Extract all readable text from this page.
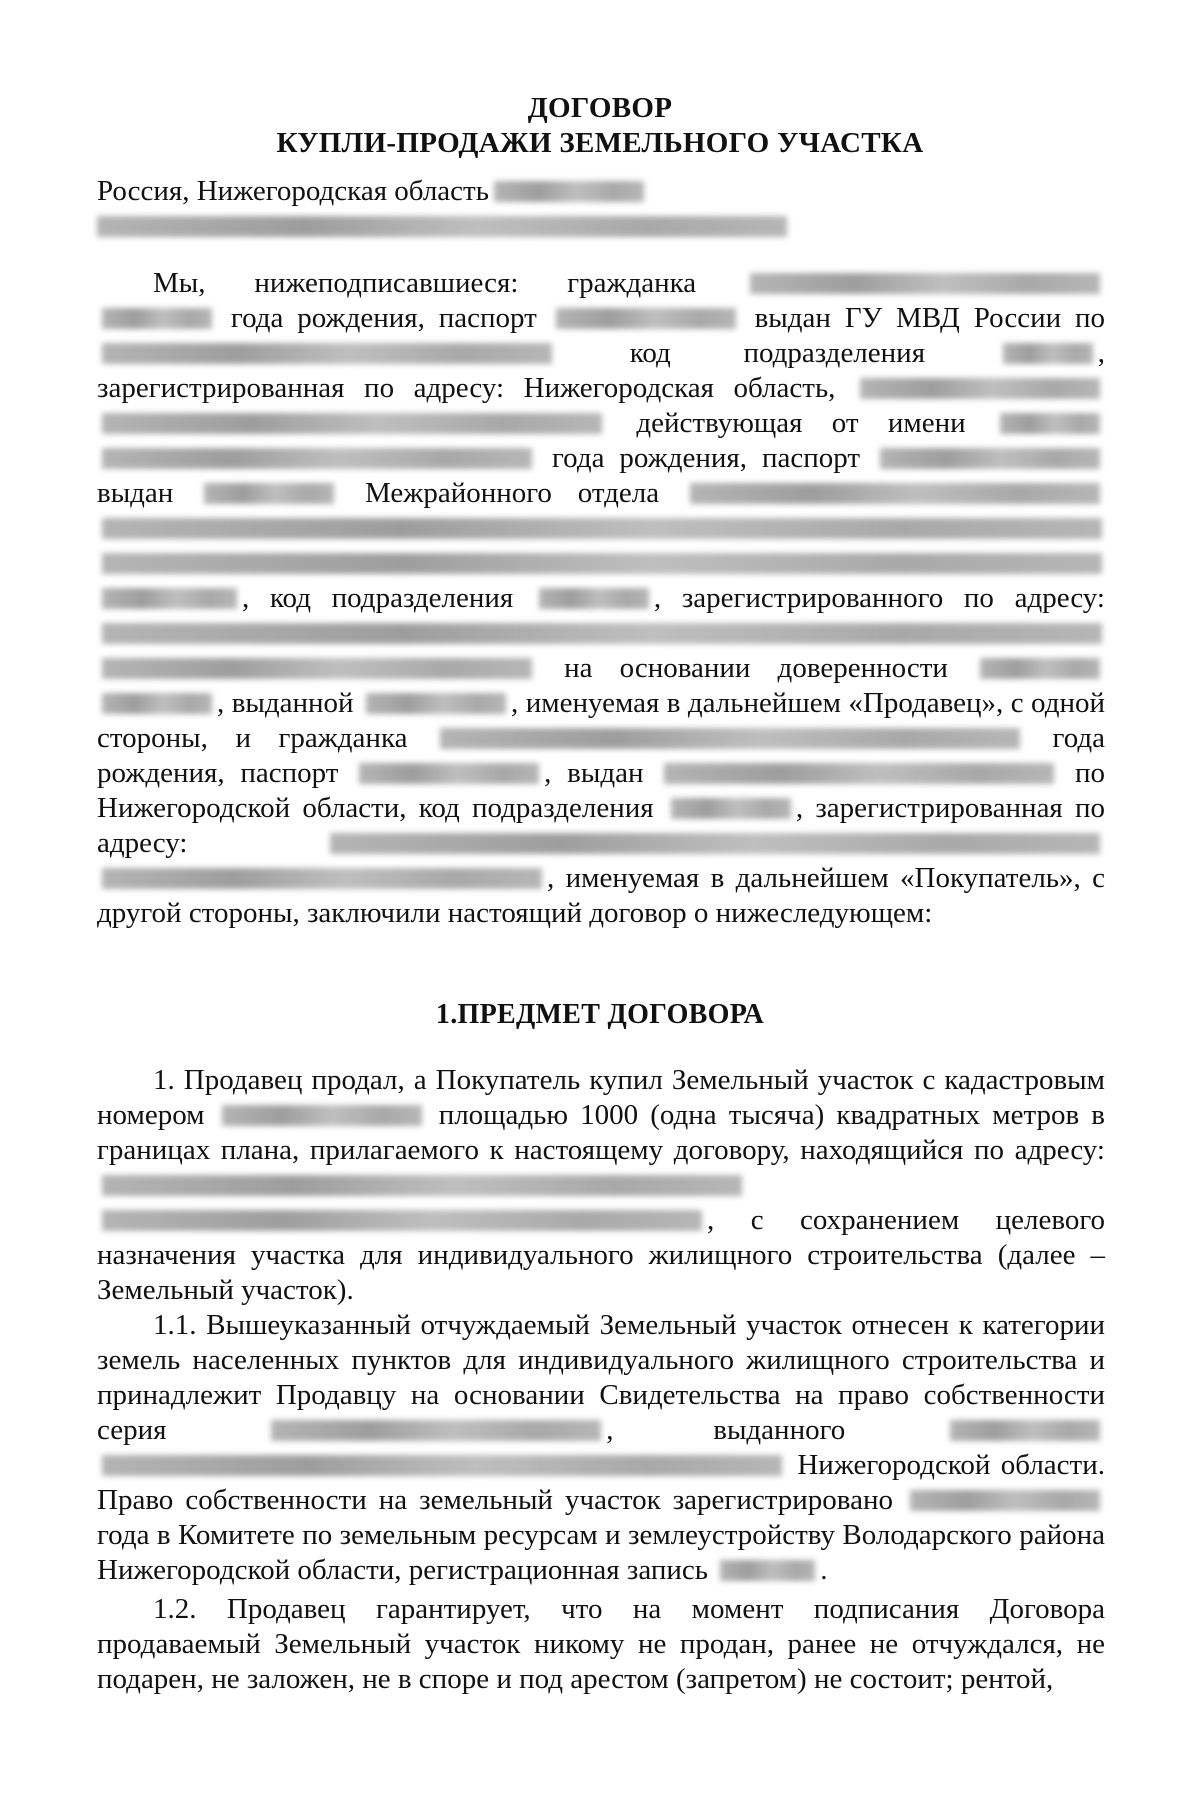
ДОГОВОР
КУПЛИ-ПРОДАЖИ ЗЕМЕЛЬНОГО УЧАСТКА

Россия, Нижегородская область

Мы, нижеподписавшиеся: гражданка   года рождения, паспорт	выдан ГУ МВД России по  код подразделения	, зарегистрированная по адресу: Нижегородская область,   действующая от имени   года рождения, паспорт  выдан	Межрайонного отдела    , код подразделения	, зарегистрированного по адресу:   на основании доверенности  , выданной	, именуемая в дальнейшем «Продавец», с одной стороны, и гражданка	года рождения, паспорт	, выдан	по Нижегородской области, код подразделения	, зарегистрированная по адресу:  , именуемая в дальнейшем «Покупатель», с другой стороны, заключили настоящий договор о нижеследующем:

1.ПРЕДМЕТ ДОГОВОРА

1. Продавец продал, а Покупатель купил Земельный участок с кадастровым номером	площадью 1000 (одна тысяча) квадратных метров в границах плана, прилагаемого к настоящему договору, находящийся по адресу:  , с сохранением целевого назначения участка для индивидуального жилищного строительства (далее – Земельный участок).

1.1. Вышеуказанный отчуждаемый Земельный участок отнесен к категории земель населенных пунктов для индивидуального жилищного строительства и принадлежит Продавцу на основании Свидетельства на право собственности серия	, выданного   Нижегородской области. Право собственности на земельный участок зарегистрировано  года в Комитете по земельным ресурсам и землеустройству Володарского района Нижегородской области, регистрационная запись	.

1.2. Продавец гарантирует, что на момент подписания Договора продаваемый Земельный участок никому не продан, ранее не отчуждался, не подарен, не заложен, не в споре и под арестом (запретом) не состоит; рентой,
